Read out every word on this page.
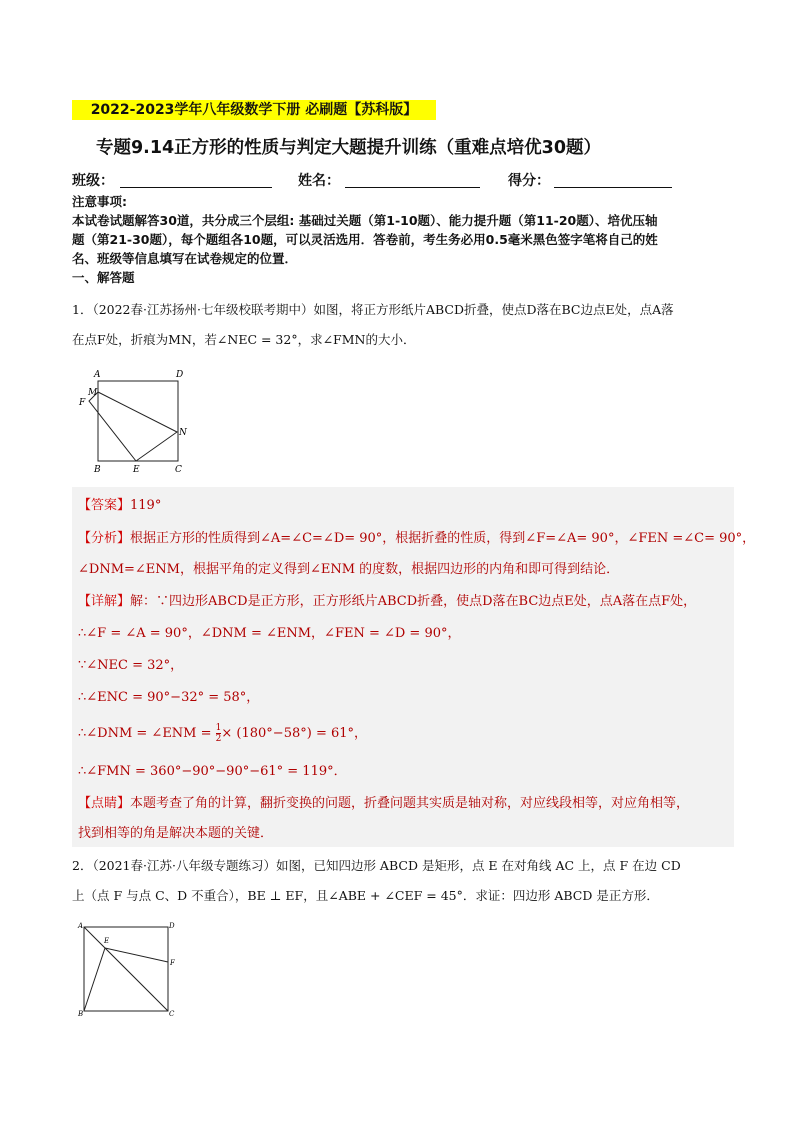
2022-2023学年八年级数学下册 必刷题【苏科版】
专题9.14正方形的性质与判定大题提升训练（重难点培优30题）
班级：	姓名：	得分：
注意事项:
本试卷试题解答30道，共分成三个层组: 基础过关题（第1-10题）、能力提升题（第11-20题）、培优压轴
题（第21-30题），每个题组各10题，可以灵活选用．答卷前，考生务必用0.5毫米黑色签字笔将自己的姓
名、班级等信息填写在试卷规定的位置．
一、解答题
1．（2022春·江苏扬州·七年级校联考期中）如图，将正方形纸片ABCD折叠，使点D落在BC边点E处，点A落
在点F处，折痕为MN，若∠NEC = 32°，求∠FMN的大小．
A	D
M
F
N
B	E	C
【答案】119°
【分析】根据正方形的性质得到∠A=∠C=∠D= 90°，根据折叠的性质，得到∠F=∠A= 90°，∠FEN =∠C= 90°，
∠DNM=∠ENM，根据平角的定义得到∠ENM 的度数，根据四边形的内角和即可得到结论．
【详解】解：∵四边形ABCD是正方形，正方形纸片ABCD折叠，使点D落在BC边点E处，点A落在点F处，
∴∠F = ∠A = 90°，∠DNM = ∠ENM，∠FEN = ∠D = 90°，
∵∠NEC = 32°，
∴∠ENC = 90°−32° = 58°，
∴∠DNM = ∠ENM = $\frac{1}{2} \times (180^\circ-58^\circ) = 61^\circ$，
∴∠FMN = 360°−90°−90°−61° = 119°．
【点睛】本题考查了角的计算，翻折变换的问题，折叠问题其实质是轴对称，对应线段相等，对应角相等，
找到相等的角是解决本题的关键．
2．（2021春·江苏·八年级专题练习）如图，已知四边形 ABCD 是矩形，点 E 在对角线 AC 上，点 F 在边 CD
上（点 F 与点 C、D 不重合），BE ⊥ EF，且∠ABE + ∠CEF = 45°．求证：四边形 ABCD 是正方形．
A	D
E
F
B	C
